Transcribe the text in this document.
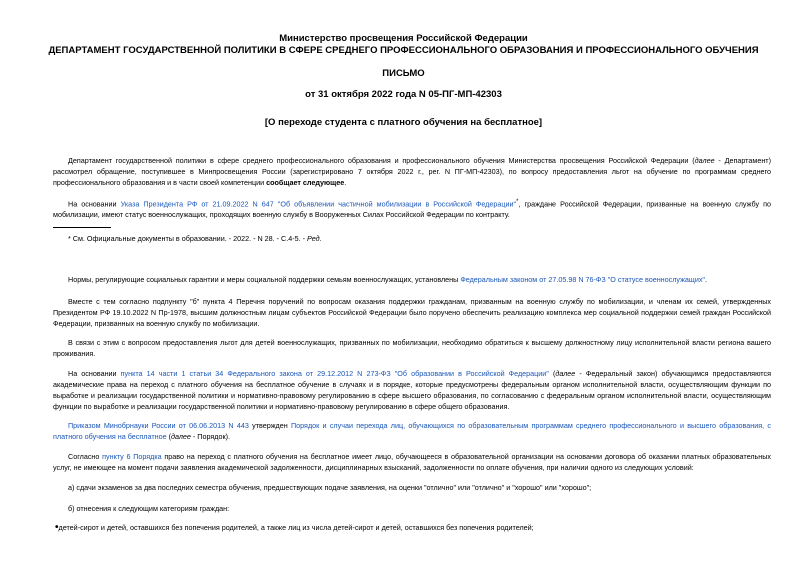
Министерство просвещения Российской Федерации
ДЕПАРТАМЕНТ ГОСУДАРСТВЕННОЙ ПОЛИТИКИ В СФЕРЕ СРЕДНЕГО ПРОФЕССИОНАЛЬНОГО ОБРАЗОВАНИЯ И ПРОФЕССИОНАЛЬНОГО ОБУЧЕНИЯ
ПИСЬМО
от 31 октября 2022 года N 05-ПГ-МП-42303
[О переходе студента с платного обучения на бесплатное]
Департамент государственной политики в сфере среднего профессионального образования и профессионального обучения Министерства просвещения Российской Федерации (далее - Департамент) рассмотрел обращение, поступившее в Минпросвещения России (зарегистрировано 7 октября 2022 г., рег. N ПГ-МП-42303), по вопросу предоставления льгот на обучение по программам среднего профессионального образования и в части своей компетенции сообщает следующее.
На основании Указа Президента РФ от 21.09.2022 N 647 "Об объявлении частичной мобилизации в Российской Федерации"*, граждане Российской Федерации, призванные на военную службу по мобилизации, имеют статус военнослужащих, проходящих военную службу в Вооруженных Силах Российской Федерации по контракту.
* См. Официальные документы в образовании. - 2022. - N 28. - С.4-5. - Ред.
Нормы, регулирующие социальных гарантии и меры социальной поддержки семьям военнослужащих, установлены Федеральным законом от 27.05.98 N 76-ФЗ "О статусе военнослужащих".
Вместе с тем согласно подпункту "б" пункта 4 Перечня поручений по вопросам оказания поддержки гражданам, призванным на военную службу по мобилизации, и членам их семей, утвержденных Президентом РФ 19.10.2022 N Пр-1978, высшим должностным лицам субъектов Российской Федерации было поручено обеспечить реализацию комплекса мер социальной поддержки семей граждан Российской Федерации, призванных на военную службу по мобилизации.
В связи с этим с вопросом предоставления льгот для детей военнослужащих, призванных по мобилизации, необходимо обратиться к высшему должностному лицу исполнительной власти региона вашего проживания.
На основании пункта 14 части 1 статьи 34 Федерального закона от 29.12.2012 N 273-ФЗ "Об образовании в Российской Федерации" (далее - Федеральный закон) обучающимся предоставляются академические права на переход с платного обучения на бесплатное обучение в случаях и в порядке, которые предусмотрены федеральным органом исполнительной власти, осуществляющим функции по выработке и реализации государственной политики и нормативно-правовому регулированию в сфере высшего образования, по согласованию с федеральным органом исполнительной власти, осуществляющим функции по выработке и реализации государственной политики и нормативно-правовому регулированию в сфере общего образования.
Приказом Минобрнауки России от 06.06.2013 N 443 утвержден Порядок и случаи перехода лиц, обучающихся по образовательным программам среднего профессионального и высшего образования, с платного обучения на бесплатное (далее - Порядок).
Согласно пункту 6 Порядка право на переход с платного обучения на бесплатное имеет лицо, обучающееся в образовательной организации на основании договора об оказании платных образовательных услуг, не имеющее на момент подачи заявления академической задолженности, дисциплинарных взысканий, задолженности по оплате обучения, при наличии одного из следующих условий:
а) сдачи экзаменов за два последних семестра обучения, предшествующих подаче заявления, на оценки "отлично" или "отлично" и "хорошо" или "хорошо";
б) отнесения к следующим категориям граждан:
•детей-сирот и детей, оставшихся без попечения родителей, а также лиц из числа детей-сирот и детей, оставшихся без попечения родителей;
